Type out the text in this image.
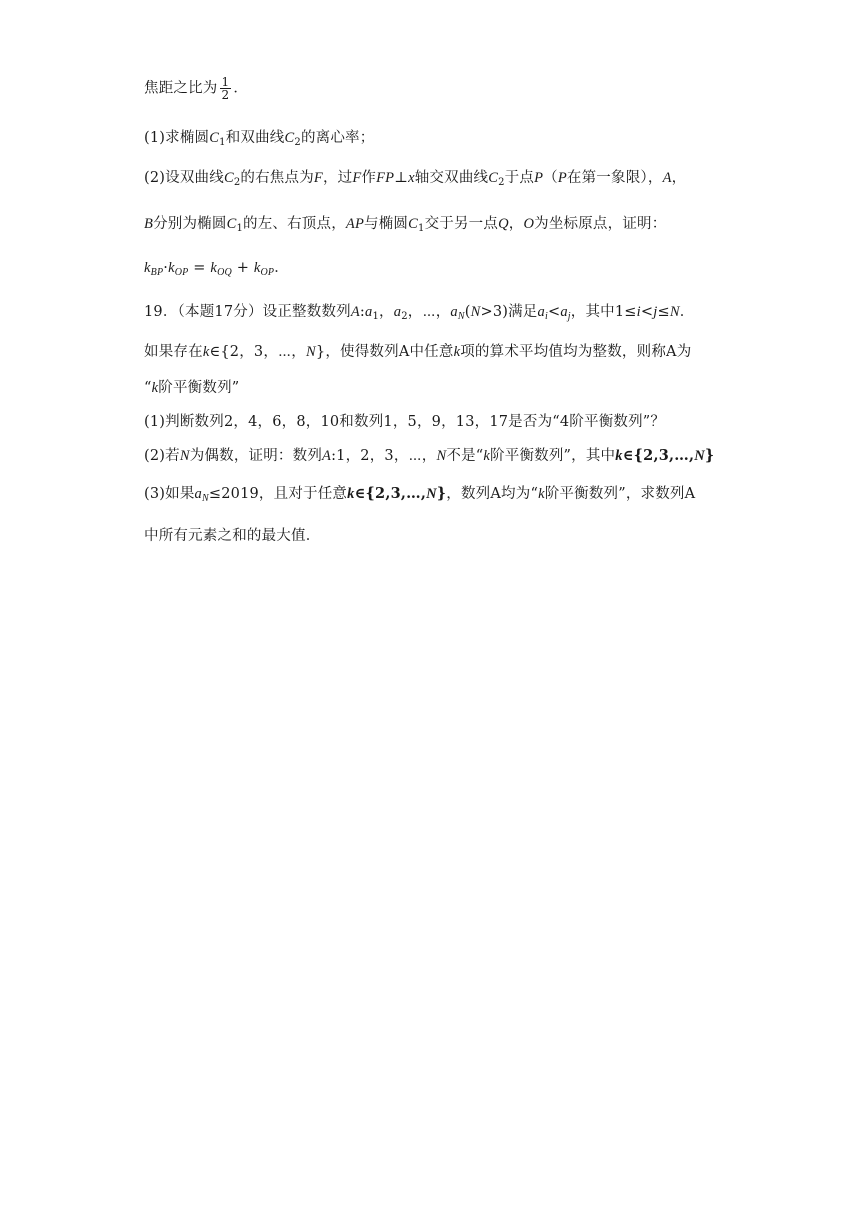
焦距之比为 $\frac{1}{2}$ ．
(1)求椭圆$C_1$和双曲线$C_2$的离心率；
(2)设双曲线$C_2$的右焦点为F，过F作FP⊥x轴交双曲线$C_2$于点P（P在第一象限），A，
B分别为椭圆$C_1$的左、右顶点，AP与椭圆$C_1$交于另一点Q，O为坐标原点，证明：
$k_{BP}\cdot k_{OP} = k_{OQ} + k_{OP}$．
19．（本题17分）设正整数数列$A:a_1$，$a_2$，⋯，$a_N(N>3)$满足$a_i<a_j$，其中1≤i<j≤N．
如果存在k∈{2，3，⋯，N}，使得数列A中任意k项的算术平均值均为整数，则称A为
“k阶平衡数列”
(1)判断数列2，4，6，8，10和数列1，5，9，13，17是否为“4阶平衡数列”？
(2)若N为偶数，证明：数列A:1，2，3，⋯，N不是“k阶平衡数列”，其中k∈{2,3,…,N}
(3)如果$a_N\le 2019$，且对于任意k∈{2,3,…,N}，数列A均为“k阶平衡数列”，求数列A
中所有元素之和的最大值．
